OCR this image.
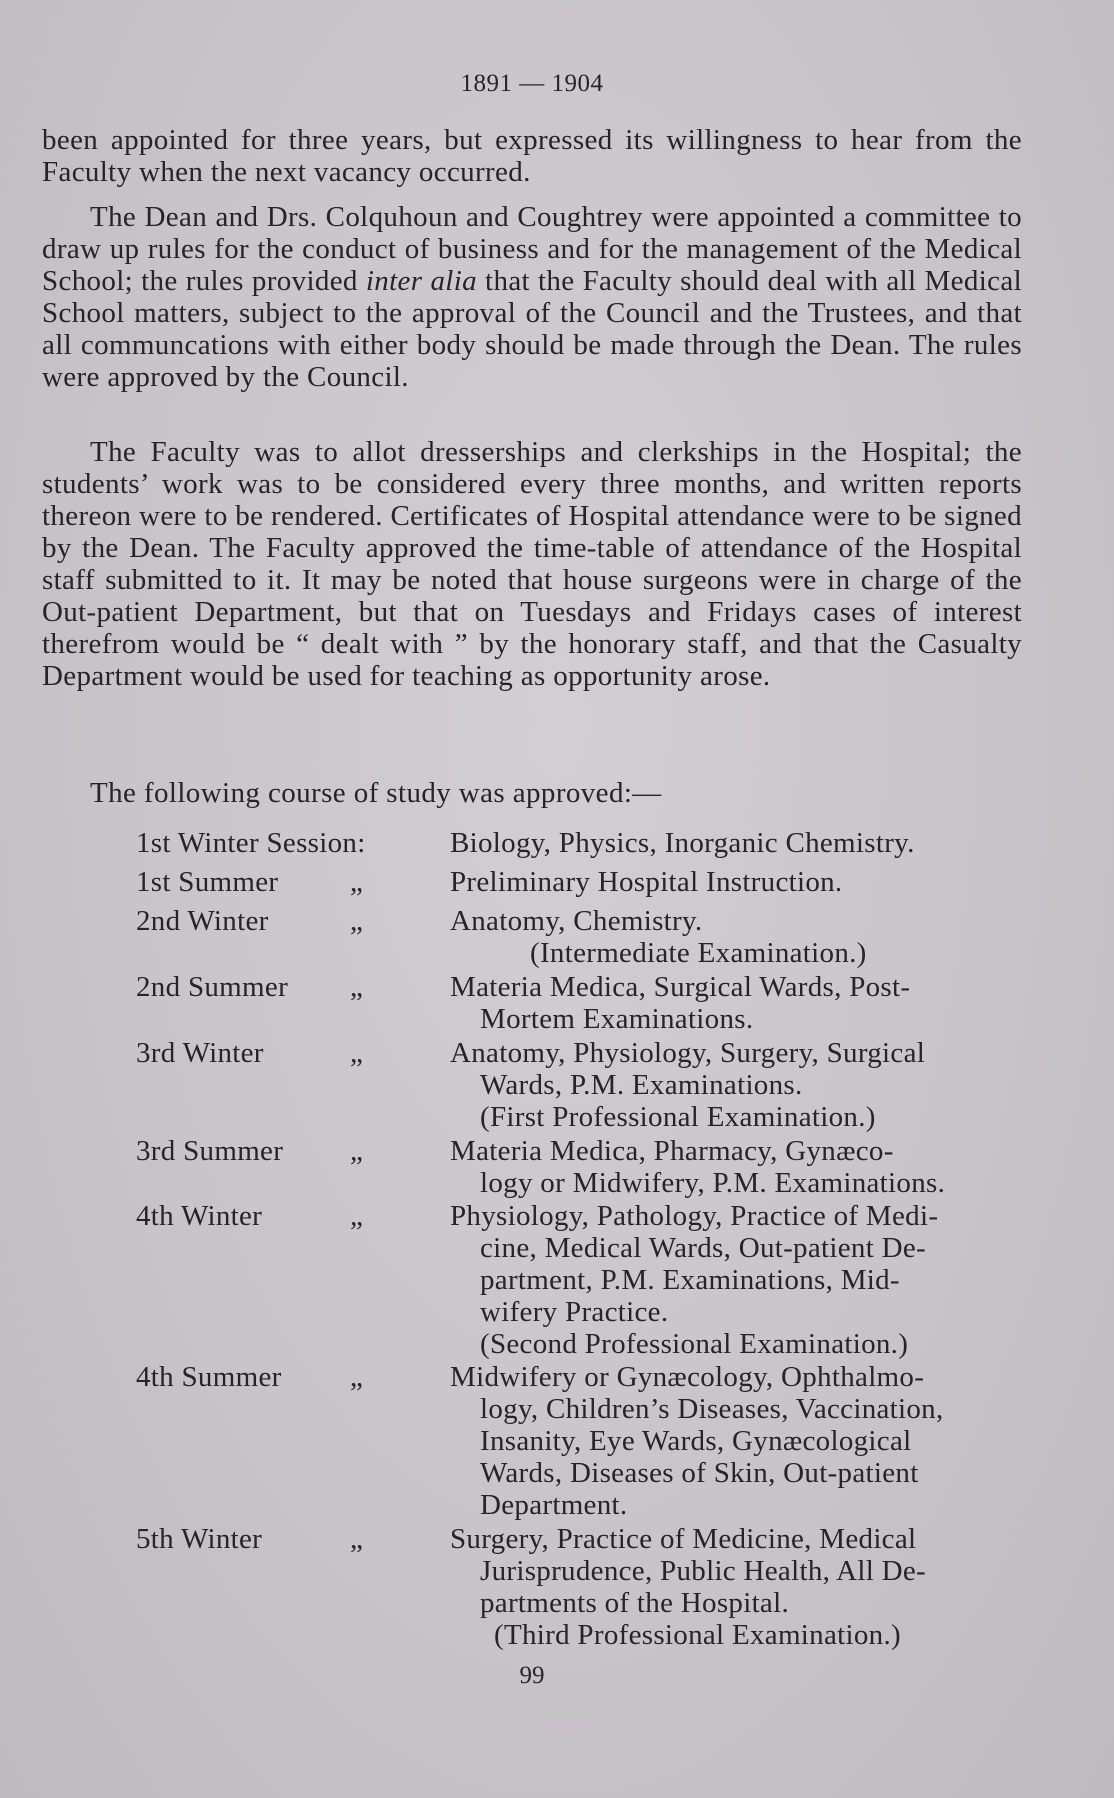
1891 — 1904

been appointed for three years, but expressed its willingness to hear from the Faculty when the next vacancy occurred.

The Dean and Drs. Colquhoun and Coughtrey were appointed a committee to draw up rules for the conduct of business and for the management of the Medical School; the rules provided inter alia that the Faculty should deal with all Medical School matters, subject to the approval of the Council and the Trustees, and that all communcations with either body should be made through the Dean. The rules were approved by the Council.

The Faculty was to allot dresserships and clerkships in the Hospital; the students’ work was to be considered every three months, and written reports thereon were to be rendered. Certificates of Hospital attendance were to be signed by the Dean. The Faculty approved the time-table of attendance of the Hospital staff submitted to it. It may be noted that house surgeons were in charge of the Out-patient Department, but that on Tuesdays and Fridays cases of interest therefrom would be “ dealt with ” by the honorary staff, and that the Casualty Department would be used for teaching as opportunity arose.

The following course of study was approved:—
1st Winter Session:	Biology, Physics, Inorganic Chemistry.
1st Summer „	Preliminary Hospital Instruction.
2nd Winter	„	Anatomy, Chemistry.
(Intermediate Examination.)
2nd Summer „	Materia Medica, Surgical Wards, Post-
Mortem Examinations.
3rd Winter	„	Anatomy, Physiology, Surgery, Surgical
Wards, P.M. Examinations.
(First Professional Examination.)
3rd Summer „	Materia Medica, Pharmacy, Gynæco-
logy or Midwifery, P.M. Examinations.
4th Winter	„	Physiology, Pathology, Practice of Medi-
cine, Medical Wards, Out-patient De-
partment, P.M. Examinations, Mid-
wifery Practice.
(Second Professional Examination.)
4th Summer „	Midwifery or Gynæcology, Ophthalmo-
logy, Children’s Diseases, Vaccination,
Insanity, Eye Wards, Gynæcological
Wards, Diseases of Skin, Out-patient
Department.
5th Winter	„	Surgery, Practice of Medicine, Medical
Jurisprudence, Public Health, All De-
partments of the Hospital.
(Third Professional Examination.)
99
